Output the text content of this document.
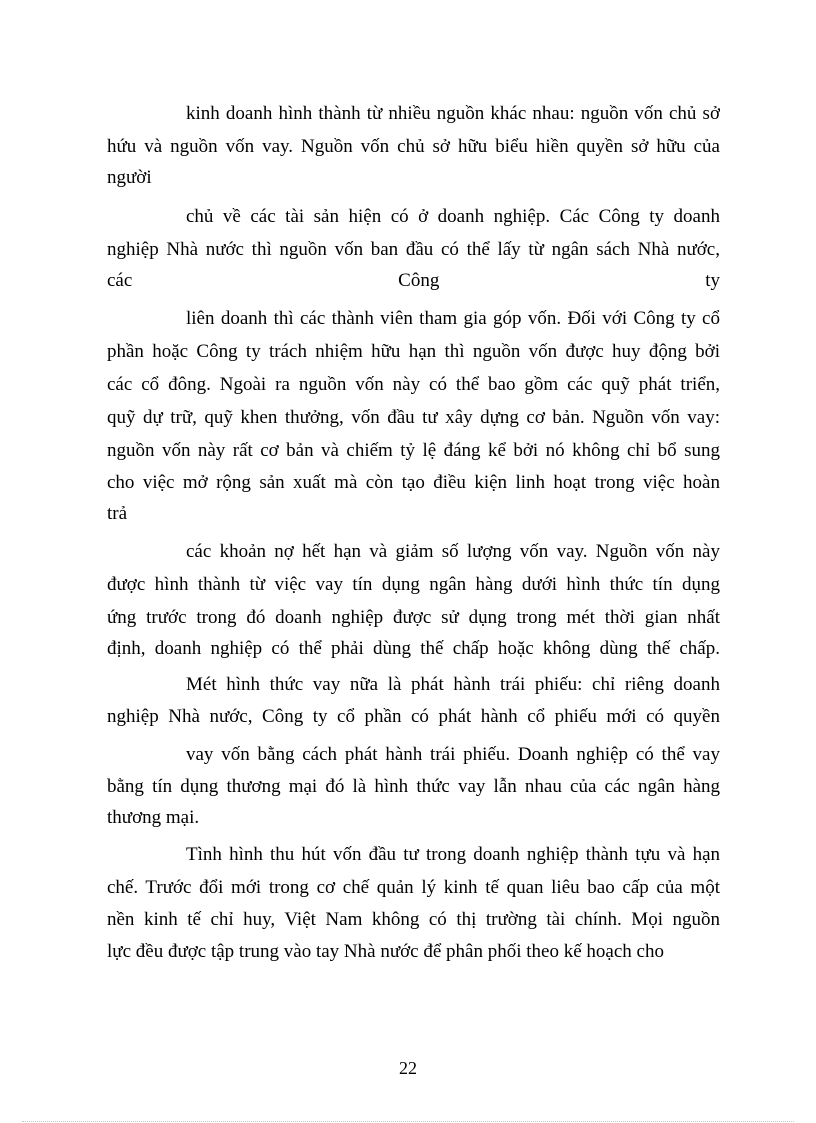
kinh doanh hình thành từ nhiều nguồn khác nhau: nguồn vốn chủ sở
hứu và nguồn vốn vay. Nguồn vốn chủ sở hữu biểu hiền quyền sở hữu của
người
chủ về các tài sản hiện có ở doanh nghiệp. Các Công ty doanh
nghiệp Nhà nước thì nguồn vốn ban đầu có thể lấy từ ngân sách Nhà nước,
các Công ty
liên doanh thì các thành viên tham gia góp vốn. Đối với Công ty cổ
phần hoặc Công ty trách nhiệm hữu hạn thì nguồn vốn được huy động bởi
các cổ đông. Ngoài ra nguồn vốn này có thể bao gồm các quỹ phát triển,
quỹ dự trữ, quỹ khen thưởng, vốn đầu tư xây dựng cơ bản. Nguồn vốn vay:
nguồn vốn này rất cơ bản và chiếm tỷ lệ đáng kể bởi nó không chỉ bổ sung
cho việc mở rộng sản xuất mà còn tạo điều kiện linh hoạt trong việc hoàn
trả
các khoản nợ hết hạn và giảm số lượng vốn vay. Nguồn vốn này
được hình thành từ việc vay tín dụng ngân hàng dưới hình thức tín dụng
ứng trước trong đó doanh nghiệp được sử dụng trong mét thời gian nhất
định, doanh nghiệp có thể phải dùng thế chấp hoặc không dùng thế chấp.
Mét hình thức vay nữa là phát hành trái phiếu: chỉ riêng doanh
nghiệp Nhà nước, Công ty cổ phần có phát hành cổ phiếu mới có quyền
vay vốn bằng cách phát hành trái phiếu. Doanh nghiệp có thể vay
bằng tín dụng thương mại đó là hình thức vay lẫn nhau của các ngân hàng
thương mại.
Tình hình thu hút vốn đầu tư trong doanh nghiệp thành tựu và hạn
chế. Trước đổi mới trong cơ chế quản lý kinh tế quan liêu bao cấp của một
nền kinh tế chỉ huy, Việt Nam không có thị trường tài chính. Mọi nguồn
lực đều được tập trung vào tay Nhà nước để phân phối theo kế hoạch cho
22
